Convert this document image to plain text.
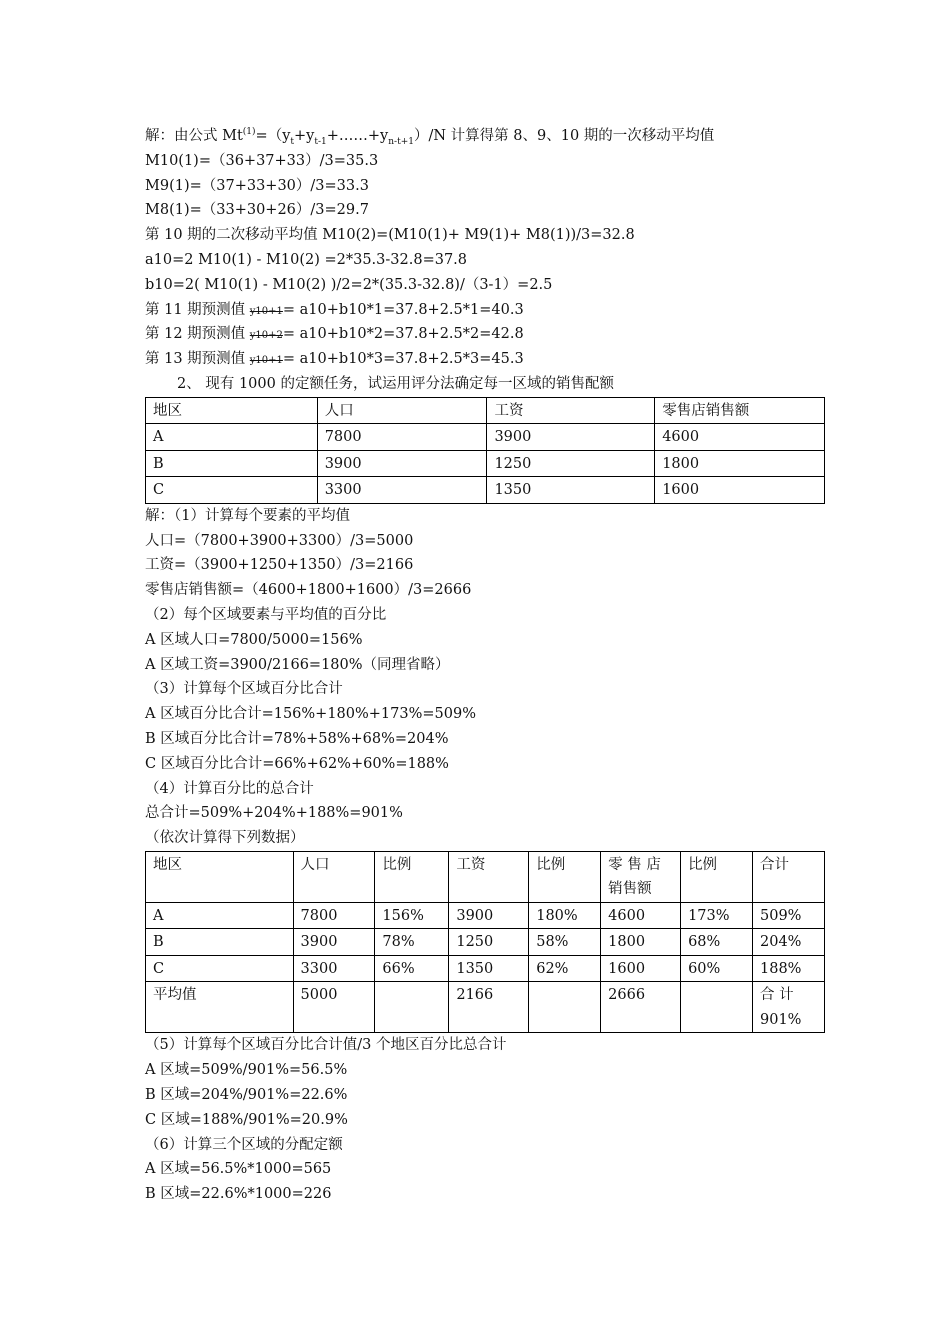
解：由公式 $Mt^{(1)}=(y_t+y_{t-1}+\dots\dots+y_{n-t+1})/N$ 计算得第 8、9、10 期的一次移动平均值
M10(1)=（36+37+33）/3=35.3
M9(1)=（37+33+30）/3=33.3
M8(1)=（33+30+26）/3=29.7
第 10 期的二次移动平均值 M10(2)=(M10(1)+ M9(1)+ M8(1))/3=32.8
a10=2 M10(1) - M10(2) =2*35.3-32.8=37.8
b10=2( M10(1) - M10(2) )/2=2*(35.3-32.8)/（3-1）=2.5
第 11 期预测值 y10+1= a10+b10*1=37.8+2.5*1=40.3
第 12 期预测值 y10+2= a10+b10*2=37.8+2.5*2=42.8
第 13 期预测值 y10+1= a10+b10*3=37.8+2.5*3=45.3
2、 现有 1000 的定额任务，试运用评分法确定每一区域的销售配额
地区	人口	工资	零售店销售额
A	7800	3900	4600
B	3900	1250	1800
C	3300	1350	1600
解：（1）计算每个要素的平均值
人口=（7800+3900+3300）/3=5000
工资=（3900+1250+1350）/3=2166
零售店销售额=（4600+1800+1600）/3=2666
（2）每个区域要素与平均值的百分比
A 区域人口=7800/5000=156%
A 区域工资=3900/2166=180%（同理省略）
（3）计算每个区域百分比合计
A 区域百分比合计=156%+180%+173%=509%
B 区域百分比合计=78%+58%+68%=204%
C 区域百分比合计=66%+62%+60%=188%
（4）计算百分比的总合计
总合计=509%+204%+188%=901%
（依次计算得下列数据）
地区	人口	比例	工资	比例	零 售 店 销售额	比例	合计
A	7800	156%	3900	180%	4600	173%	509%
B	3900	78%	1250	58%	1800	68%	204%
C	3300	66%	1350	62%	1600	60%	188%
平均值	5000		2166		2666		合 计 901%
（5）计算每个区域百分比合计值/3 个地区百分比总合计
A 区域=509%/901%=56.5%
B 区域=204%/901%=22.6%
C 区域=188%/901%=20.9%
（6）计算三个区域的分配定额
A 区域=56.5%*1000=565
B 区域=22.6%*1000=226
